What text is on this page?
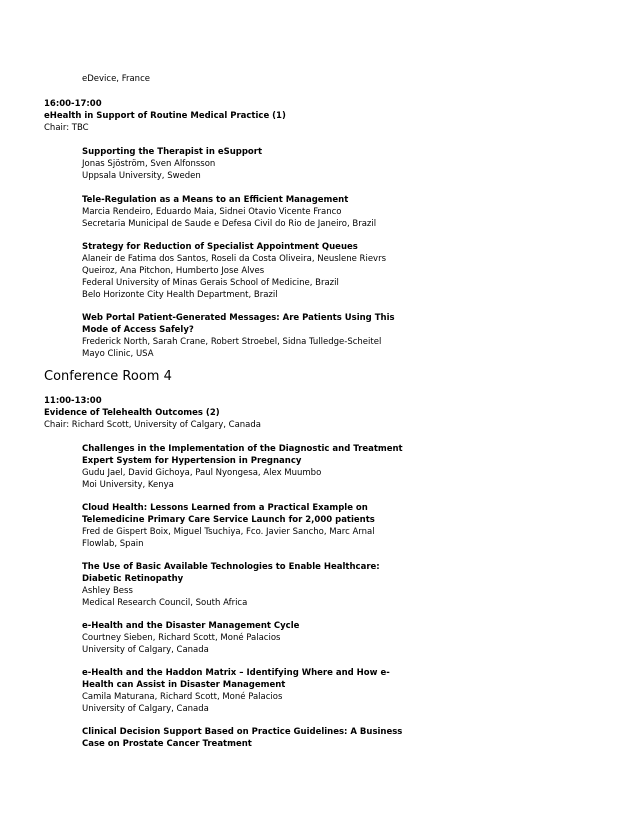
eDevice, France
16:00-17:00
eHealth in Support of Routine Medical Practice (1)
Chair: TBC
Supporting the Therapist in eSupport
Jonas Sjöström, Sven Alfonsson
Uppsala University, Sweden
Tele-Regulation as a Means to an Efficient Management
Marcia Rendeiro, Eduardo Maia, Sidnei Otavio Vicente Franco
Secretaria Municipal de Saude e Defesa Civil do Rio de Janeiro, Brazil
Strategy for Reduction of Specialist Appointment Queues
Alaneir de Fatima dos Santos, Roseli da Costa Oliveira, Neuslene Rievrs
Queiroz, Ana Pitchon, Humberto Jose Alves
Federal University of Minas Gerais School of Medicine, Brazil
Belo Horizonte City Health Department, Brazil
Web Portal Patient-Generated Messages: Are Patients Using This
Mode of Access Safely?
Frederick North, Sarah Crane, Robert Stroebel, Sidna Tulledge-Scheitel
Mayo Clinic, USA
Conference Room 4
11:00-13:00
Evidence of Telehealth Outcomes (2)
Chair: Richard Scott, University of Calgary, Canada
Challenges in the Implementation of the Diagnostic and Treatment
Expert System for Hypertension in Pregnancy
Gudu Jael, David Gichoya, Paul Nyongesa, Alex Muumbo
Moi University, Kenya
Cloud Health: Lessons Learned from a Practical Example on
Telemedicine Primary Care Service Launch for 2,000 patients
Fred de Gispert Boix, Miguel Tsuchiya, Fco. Javier Sancho, Marc Arnal
Flowlab, Spain
The Use of Basic Available Technologies to Enable Healthcare:
Diabetic Retinopathy
Ashley Bess
Medical Research Council, South Africa
e-Health and the Disaster Management Cycle
Courtney Sieben, Richard Scott, Moné Palacios
University of Calgary, Canada
e-Health and the Haddon Matrix – Identifying Where and How e-
Health can Assist in Disaster Management
Camila Maturana, Richard Scott, Moné Palacios
University of Calgary, Canada
Clinical Decision Support Based on Practice Guidelines: A Business
Case on Prostate Cancer Treatment
